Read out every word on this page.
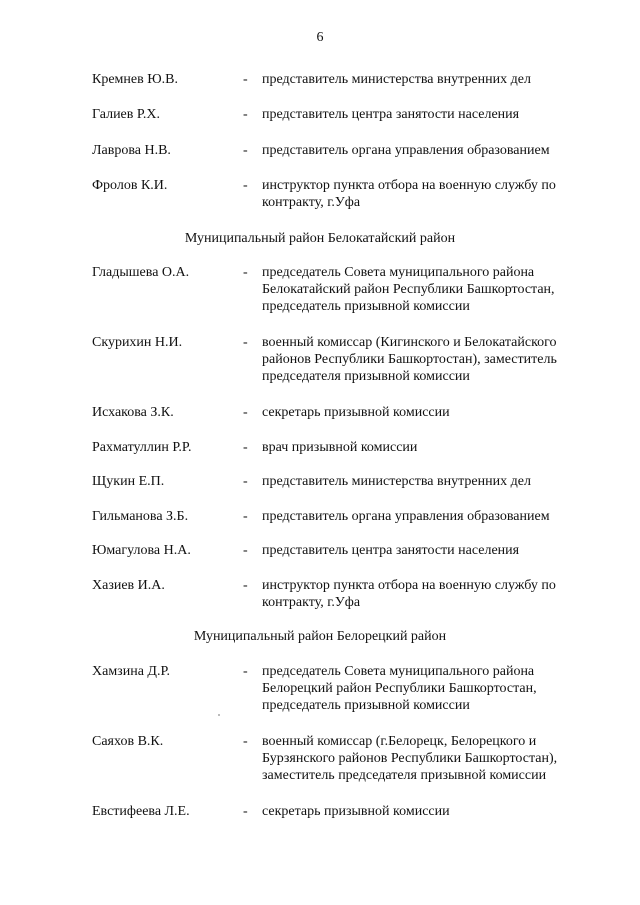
6
Кремнев Ю.В.	- представитель министерства внутренних дел
Галиев Р.Х.	- представитель центра занятости населения
Лаврова Н.В.	- представитель органа управления образованием
Фролов К.И.	- инструктор пункта отбора на военную службу по контракту, г.Уфа
Муниципальный район Белокатайский район
Гладышева О.А.	- председатель Совета муниципального района Белокатайский район Республики Башкортостан, председатель призывной комиссии
Скурихин Н.И.	- военный комиссар (Кигинского и Белокатайского районов Республики Башкортостан), заместитель председателя призывной комиссии
Исхакова З.К.	- секретарь призывной комиссии
Рахматуллин Р.Р.	- врач призывной комиссии
Щукин Е.П.	- представитель министерства внутренних дел
Гильманова З.Б.	- представитель органа управления образованием
Юмагулова Н.А.	- представитель центра занятости населения
Хазиев И.А.	- инструктор пункта отбора на военную службу по контракту, г.Уфа
Муниципальный район Белорецкий район
Хамзина Д.Р.	- председатель Совета муниципального района Белорецкий район Республики Башкортостан, председатель призывной комиссии
Саяхов В.К.	- военный комиссар (г.Белорецк, Белорецкого и Бурзянского районов Республики Башкортостан), заместитель председателя призывной комиссии
Евстифеева Л.Е.	- секретарь призывной комиссии
